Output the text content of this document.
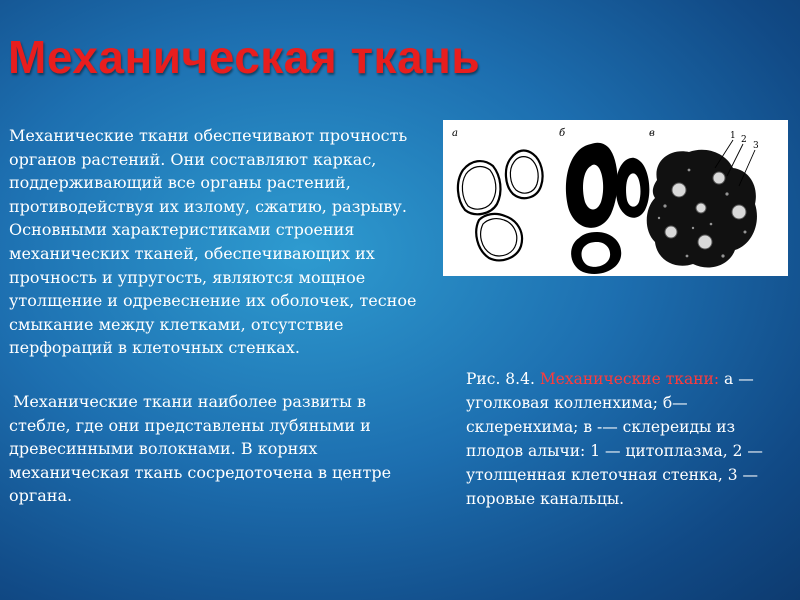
Механическая ткань

Механические ткани обеспечивают прочность органов растений. Они составляют каркас, поддерживающий все органы растений, противодействуя их излому, сжатию, разрыву. Основными характеристиками строения механических тканей, обеспечивающих их прочность и упругость, являются мощное утолщение и одревеснение их оболочек, тесное смыкание между клетками, отсутствие перфораций в клеточных стенках.

Механические ткани наиболее развиты в стебле, где они представлены лубяными и древесинными волокнами. В корнях механическая ткань сосредоточена в центре органа.

а	б	в	1 2
3

Рис. 8.4. Механические ткани: а —уголковая колленхима; б—склеренхима; в -— склереиды из плодов алычи: 1 — цитоплазма, 2 —утолщенная клеточная стенка, 3 — поровые канальцы.
